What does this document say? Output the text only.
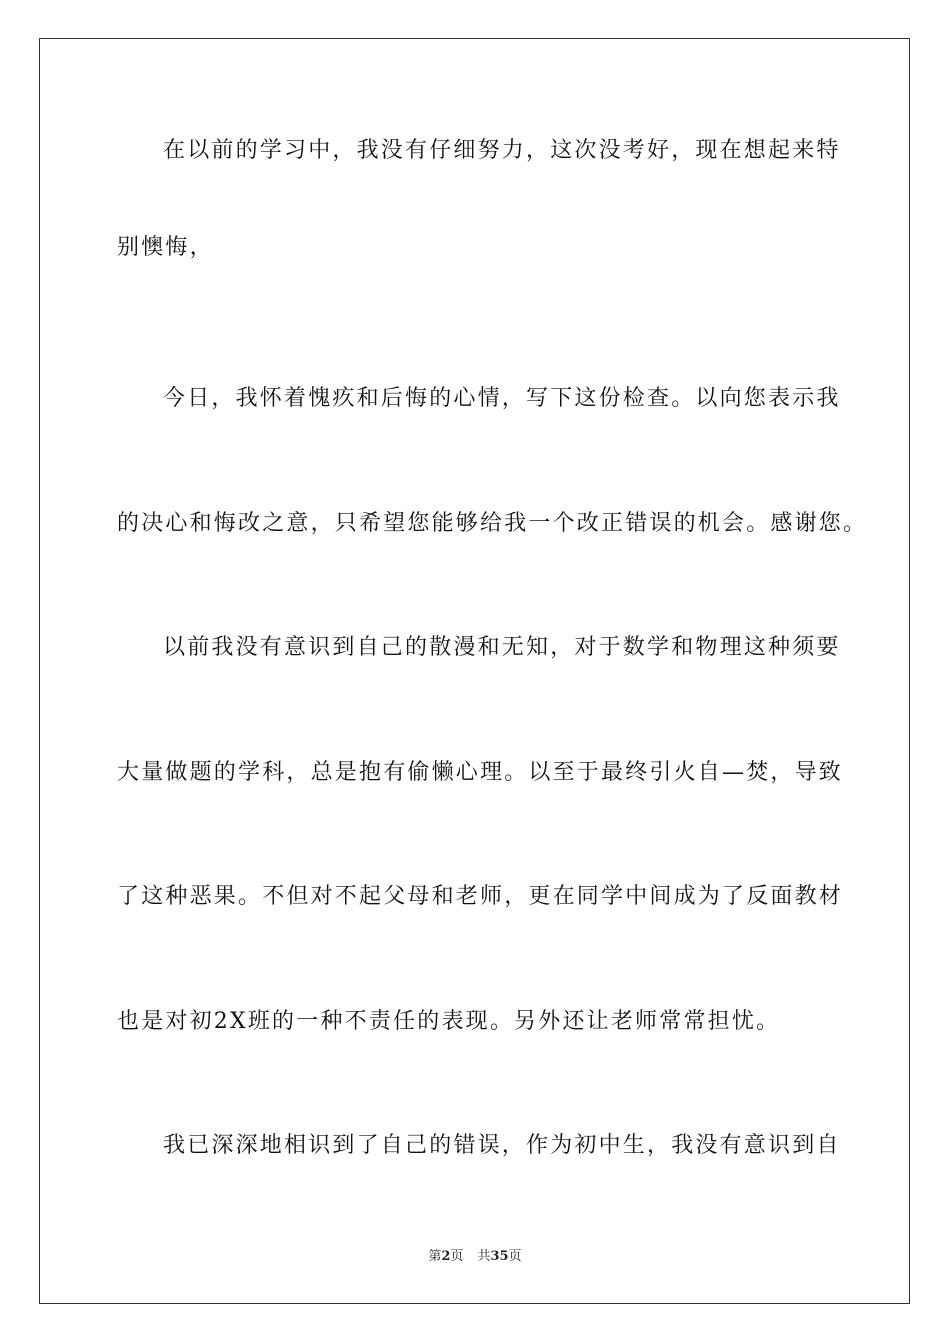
在以前的学习中，我没有仔细努力，这次没考好，现在想起来特
别懊悔，
今日，我怀着愧疚和后悔的心情，写下这份检查。以向您表示我
的决心和悔改之意，只希望您能够给我一个改正错误的机会。感谢您。
以前我没有意识到自己的散漫和无知，对于数学和物理这种须要
大量做题的学科，总是抱有偷懒心理。以至于最终引火自—焚，导致
了这种恶果。不但对不起父母和老师，更在同学中间成为了反面教材
也是对初2X班的一种不责任的表现。另外还让老师常常担忧。
我已深深地相识到了自己的错误，作为初中生，我没有意识到自
第2页 共35页
